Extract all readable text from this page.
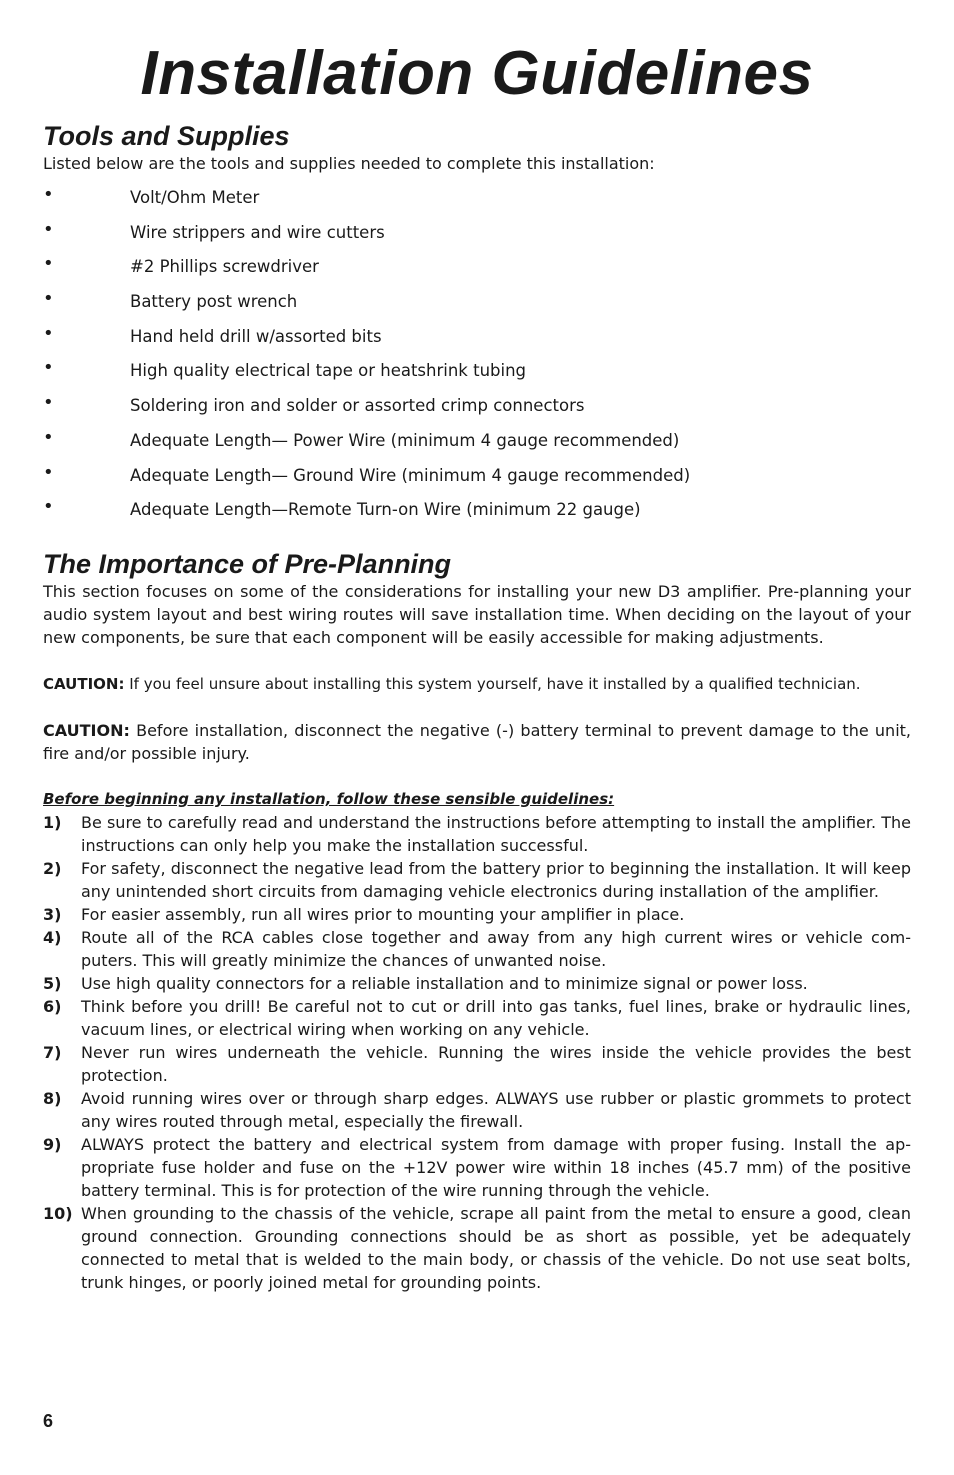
Installation Guidelines
Tools and Supplies
Listed below are the tools and supplies needed to complete this installation:
•	Volt/Ohm Meter
•	Wire strippers and wire cutters
•	#2 Phillips screwdriver
•	Battery post wrench
•	Hand held drill w/assorted bits
•	High quality electrical tape or heatshrink tubing
•	Soldering iron and solder or assorted crimp connectors
•	Adequate Length— Power Wire (minimum 4 gauge recommended)
•	Adequate Length— Ground Wire (minimum 4 gauge recommended)
•	Adequate Length—Remote Turn-on Wire (minimum 22 gauge)
The Importance of Pre-Planning
This section focuses on some of the considerations for installing your new D3 amplifier. Pre-planning your audio system layout and best wiring routes will save installation time. When deciding on the layout of your new components, be sure that each component will be easily accessible for making adjustments.
CAUTION: If you feel unsure about installing this system yourself, have it installed by a qualified technician.
CAUTION: Before installation, disconnect the negative (-) battery terminal to prevent damage to the unit, fire and/or possible injury.
Before beginning any installation, follow these sensible guidelines:
1) Be sure to carefully read and understand the instructions before attempting to install the amplifier. The instructions can only help you make the installation successful.
2) For safety, disconnect the negative lead from the battery prior to beginning the installation. It will keep any unintended short circuits from damaging vehicle electronics during installation of the amplifier.
3) For easier assembly, run all wires prior to mounting your amplifier in place.
4) Route all of the RCA cables close together and away from any high current wires or vehicle com-puters. This will greatly minimize the chances of unwanted noise.
5) Use high quality connectors for a reliable installation and to minimize signal or power loss.
6) Think before you drill! Be careful not to cut or drill into gas tanks, fuel lines, brake or hydraulic lines, vacuum lines, or electrical wiring when working on any vehicle.
7) Never run wires underneath the vehicle. Running the wires inside the vehicle provides the best protection.
8) Avoid running wires over or through sharp edges. ALWAYS use rubber or plastic grommets to protect any wires routed through metal, especially the firewall.
9) ALWAYS protect the battery and electrical system from damage with proper fusing. Install the ap-propriate fuse holder and fuse on the +12V power wire within 18 inches (45.7 mm) of the positive battery terminal. This is for protection of the wire running through the vehicle.
10) When grounding to the chassis of the vehicle, scrape all paint from the metal to ensure a good, clean ground connection. Grounding connections should be as short as possible, yet be adequately connected to metal that is welded to the main body, or chassis of the vehicle. Do not use seat bolts, trunk hinges, or poorly joined metal for grounding points.
6
